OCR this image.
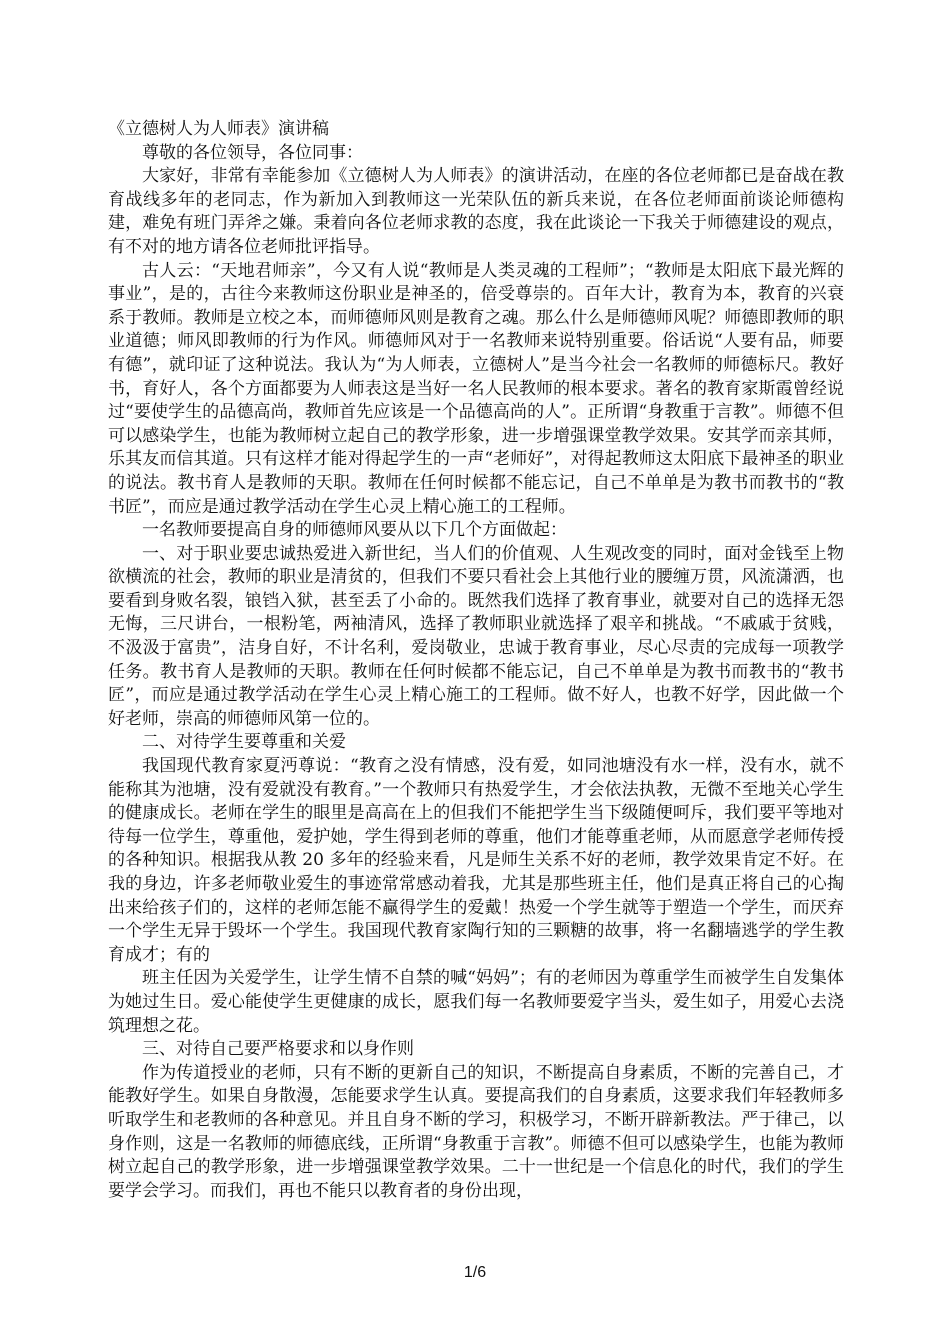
《立德树人为人师表》演讲稿

尊敬的各位领导，各位同事：

大家好，非常有幸能参加《立德树人为人师表》的演讲活动，在座的各位老师都已是奋战在教育战线多年的老同志，作为新加入到教师这一光荣队伍的新兵来说，在各位老师面前谈论师德构建，难免有班门弄斧之嫌。秉着向各位老师求教的态度，我在此谈论一下我关于师德建设的观点，有不对的地方请各位老师批评指导。

古人云：“天地君师亲”，今又有人说“教师是人类灵魂的工程师”；“教师是太阳底下最光辉的事业”，是的，古往今来教师这份职业是神圣的，倍受尊崇的。百年大计，教育为本，教育的兴衰系于教师。教师是立校之本，而师德师风则是教育之魂。那么什么是师德师风呢？师德即教师的职业道德；师风即教师的行为作风。师德师风对于一名教师来说特别重要。俗话说“人要有品，师要有德”，就印证了这种说法。我认为“为人师表，立德树人”是当今社会一名教师的师德标尺。教好书，育好人，各个方面都要为人师表这是当好一名人民教师的根本要求。著名的教育家斯霞曾经说过“要使学生的品德高尚，教师首先应该是一个品德高尚的人”。正所谓“身教重于言教”。师德不但可以感染学生，也能为教师树立起自己的教学形象，进一步增强课堂教学效果。安其学而亲其师，乐其友而信其道。只有这样才能对得起学生的一声“老师好”，对得起教师这太阳底下最神圣的职业的说法。教书育人是教师的天职。教师在任何时候都不能忘记，自己不单单是为教书而教书的“教书匠”，而应是通过教学活动在学生心灵上精心施工的工程师。

一名教师要提高自身的师德师风要从以下几个方面做起：

一、对于职业要忠诚热爱进入新世纪，当人们的价值观、人生观改变的同时，面对金钱至上物欲横流的社会，教师的职业是清贫的，但我们不要只看社会上其他行业的腰缠万贯，风流潇洒，也要看到身败名裂，锒铛入狱，甚至丢了小命的。既然我们选择了教育事业，就要对自己的选择无怨无悔，三尺讲台，一根粉笔，两袖清风，选择了教师职业就选择了艰辛和挑战。“不戚戚于贫贱，不汲汲于富贵”，洁身自好，不计名利，爱岗敬业，忠诚于教育事业，尽心尽责的完成每一项教学任务。教书育人是教师的天职。教师在任何时候都不能忘记，自己不单单是为教书而教书的“教书匠”，而应是通过教学活动在学生心灵上精心施工的工程师。做不好人，也教不好学，因此做一个好老师，崇高的师德师风第一位的。

二、对待学生要尊重和关爱

我国现代教育家夏沔尊说：“教育之没有情感，没有爱，如同池塘没有水一样，没有水，就不能称其为池塘，没有爱就没有教育。”一个教师只有热爱学生，才会依法执教，无微不至地关心学生的健康成长。老师在学生的眼里是高高在上的但我们不能把学生当下级随便呵斥，我们要平等地对待每一位学生，尊重他，爱护她，学生得到老师的尊重，他们才能尊重老师，从而愿意学老师传授的各种知识。根据我从教 20 多年的经验来看，凡是师生关系不好的老师，教学效果肯定不好。在我的身边，许多老师敬业爱生的事迹常常感动着我，尤其是那些班主任，他们是真正将自己的心掏出来给孩子们的，这样的老师怎能不赢得学生的爱戴！热爱一个学生就等于塑造一个学生，而厌弃一个学生无异于毁坏一个学生。我国现代教育家陶行知的三颗糖的故事，将一名翻墙逃学的学生教育成才；有的

班主任因为关爱学生，让学生情不自禁的喊“妈妈”；有的老师因为尊重学生而被学生自发集体为她过生日。爱心能使学生更健康的成长，愿我们每一名教师要爱字当头，爱生如子，用爱心去浇筑理想之花。

三、对待自己要严格要求和以身作则

作为传道授业的老师，只有不断的更新自己的知识，不断提高自身素质，不断的完善自己，才能教好学生。如果自身散漫，怎能要求学生认真。要提高我们的自身素质，这要求我们年轻教师多听取学生和老教师的各种意见。并且自身不断的学习，积极学习，不断开辟新教法。严于律己，以身作则，这是一名教师的师德底线，正所谓“身教重于言教”。师德不但可以感染学生，也能为教师树立起自己的教学形象，进一步增强课堂教学效果。二十一世纪是一个信息化的时代，我们的学生要学会学习。而我们，再也不能只以教育者的身份出现，

1/6
